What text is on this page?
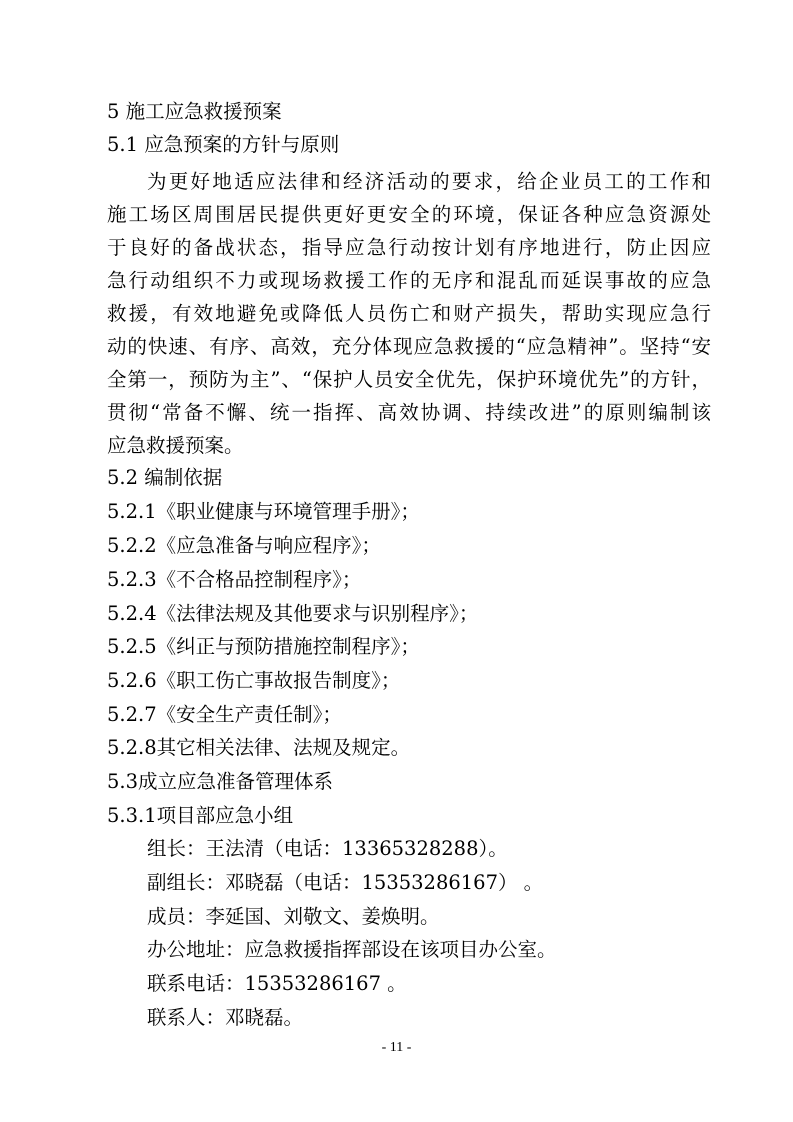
5 施工应急救援预案
5.1 应急预案的方针与原则
为更好地适应法律和经济活动的要求，给企业员工的工作和
施工场区周围居民提供更好更安全的环境，保证各种应急资源处
于良好的备战状态，指导应急行动按计划有序地进行，防止因应
急行动组织不力或现场救援工作的无序和混乱而延误事故的应急
救援，有效地避免或降低人员伤亡和财产损失，帮助实现应急行
动的快速、有序、高效，充分体现应急救援的“应急精神”。坚持“安
全第一，预防为主”、“保护人员安全优先，保护环境优先”的方针，
贯彻“常备不懈、统一指挥、高效协调、持续改进”的原则编制该
应急救援预案。
5.2 编制依据
5.2.1《职业健康与环境管理手册》；
5.2.2《应急准备与响应程序》；
5.2.3《不合格品控制程序》；
5.2.4《法律法规及其他要求与识别程序》；
5.2.5《纠正与预防措施控制程序》；
5.2.6《职工伤亡事故报告制度》；
5.2.7《安全生产责任制》；
5.2.8其它相关法律、法规及规定。
5.3成立应急准备管理体系
5.3.1项目部应急小组
组长：王法清（电话：13365328288）。
副组长：邓晓磊（电话：15353286167） 。
成员：李延国、刘敬文、姜焕明。
办公地址：应急救援指挥部设在该项目办公室。
联系电话：15353286167 。
联系人：邓晓磊。
- 11 -
